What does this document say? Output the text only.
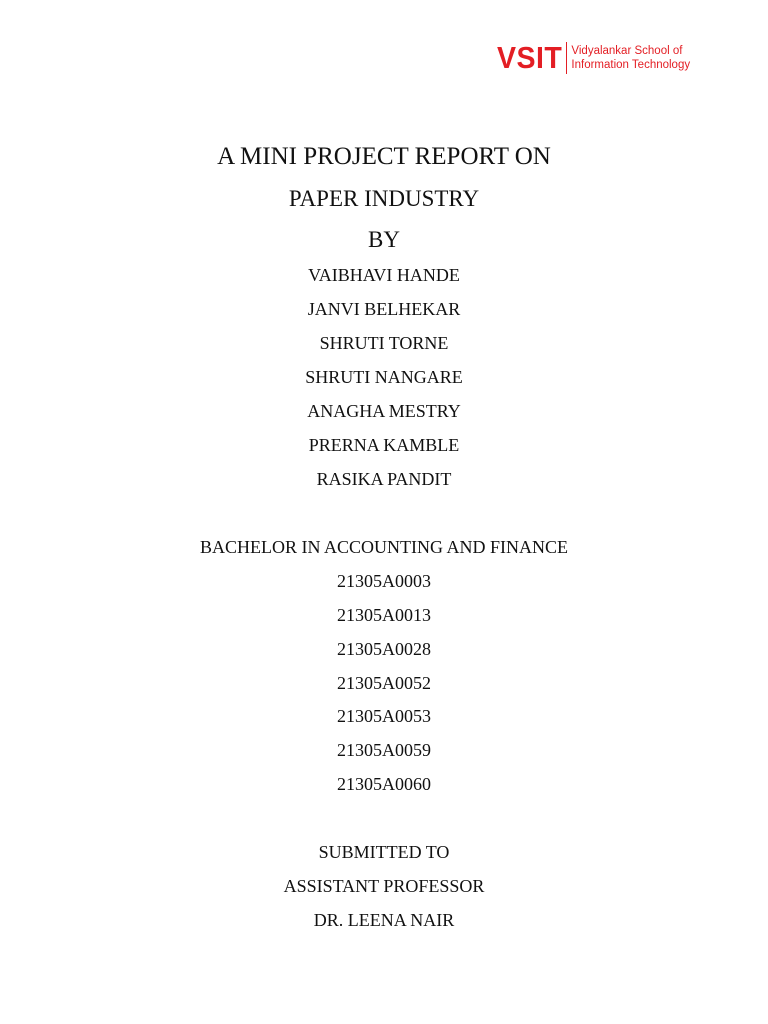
VSIT Vidyalankar School of
Information Technology
A MINI PROJECT REPORT ON
PAPER INDUSTRY
BY
VAIBHAVI HANDE
JANVI BELHEKAR
SHRUTI TORNE
SHRUTI NANGARE
ANAGHA MESTRY
PRERNA KAMBLE
RASIKA PANDIT
BACHELOR IN ACCOUNTING AND FINANCE
21305A0003
21305A0013
21305A0028
21305A0052
21305A0053
21305A0059
21305A0060
SUBMITTED TO
ASSISTANT PROFESSOR
DR. LEENA NAIR
